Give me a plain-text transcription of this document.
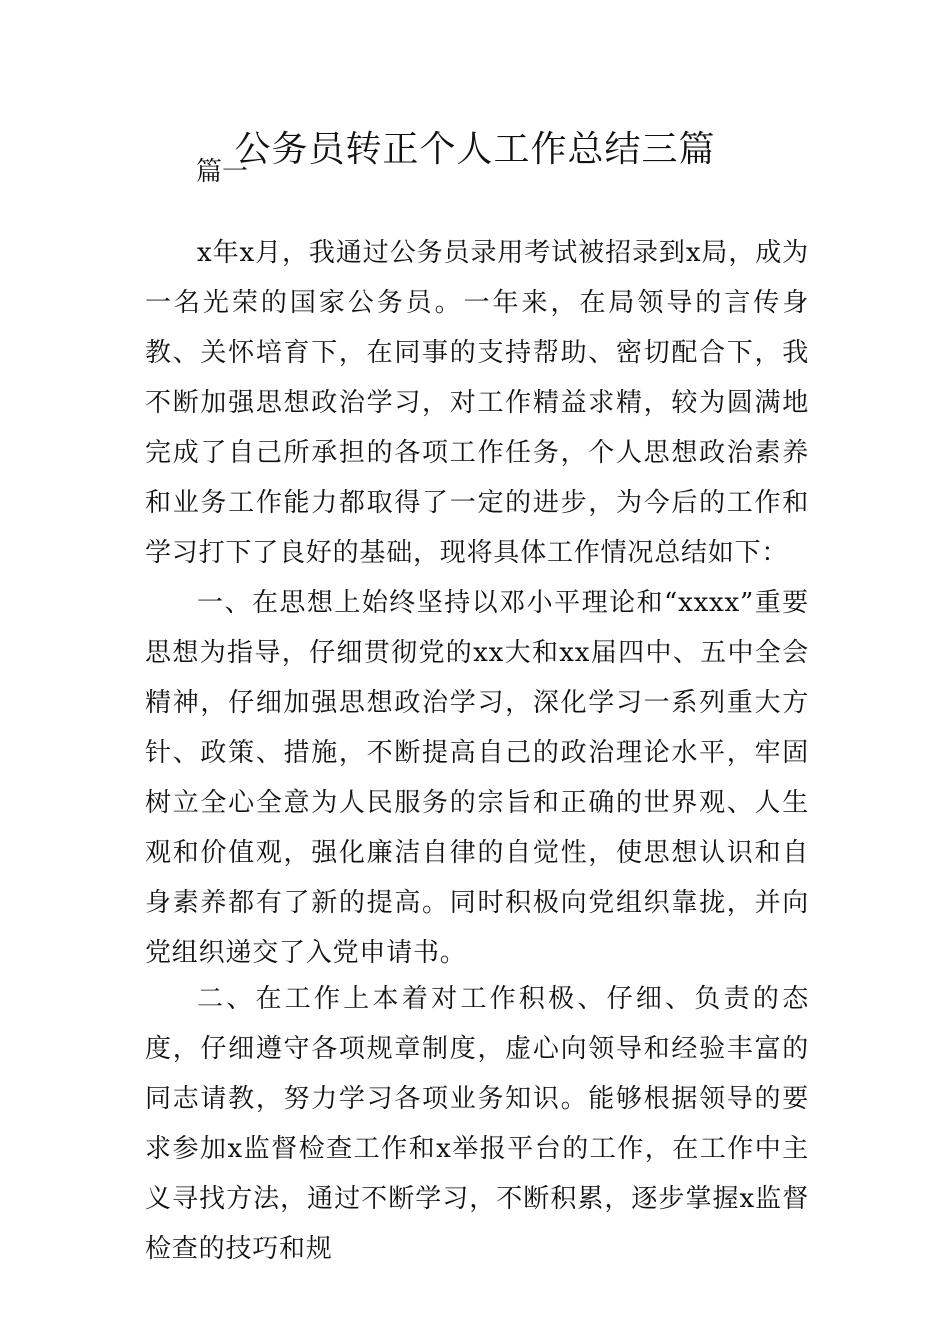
公务员转正个人工作总结三篇
篇一

x年x月，我通过公务员录用考试被招录到x局，成为一名光荣的国家公务员。一年来，在局领导的言传身教、关怀培育下，在同事的支持帮助、密切配合下，我不断加强思想政治学习，对工作精益求精，较为圆满地完成了自己所承担的各项工作任务，个人思想政治素养和业务工作能力都取得了一定的进步，为今后的工作和学习打下了良好的基础，现将具体工作情况总结如下：

一、在思想上始终坚持以邓小平理论和“xxxx”重要思想为指导，仔细贯彻党的xx大和xx届四中、五中全会精神，仔细加强思想政治学习，深化学习一系列重大方针、政策、措施，不断提高自己的政治理论水平，牢固树立全心全意为人民服务的宗旨和正确的世界观、人生观和价值观，强化廉洁自律的自觉性，使思想认识和自身素养都有了新的提高。同时积极向党组织靠拢，并向党组织递交了入党申请书。

二、在工作上本着对工作积极、仔细、负责的态度，仔细遵守各项规章制度，虚心向领导和经验丰富的同志请教，努力学习各项业务知识。能够根据领导的要求参加x监督检查工作和x举报平台的工作，在工作中主义寻找方法，通过不断学习，不断积累，逐步掌握x监督检查的技巧和规
